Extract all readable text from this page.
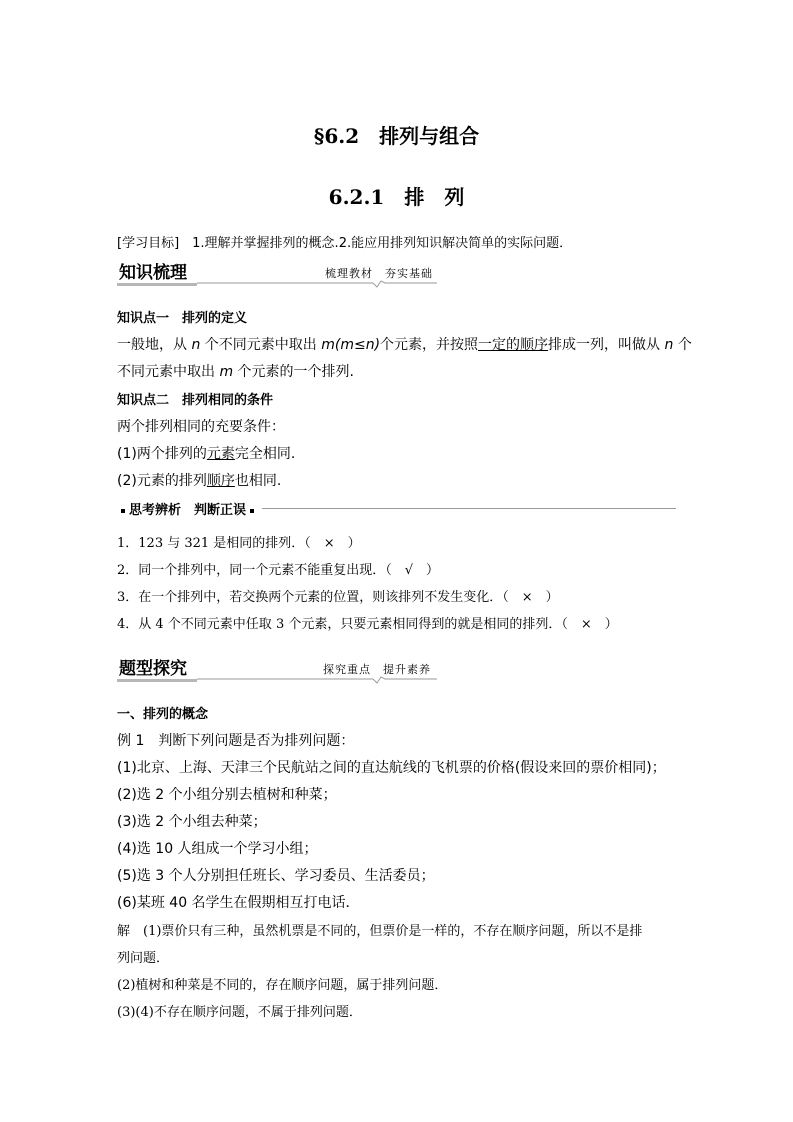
§6.2　排列与组合
6.2.1　排　列
[学习目标]　1.理解并掌握排列的概念.2.能应用排列知识解决简单的实际问题．
知识梳理	梳理教材　夯实基础
知识点一　排列的定义
一般地，从 n 个不同元素中取出 m(m≤n)个元素，并按照一定的顺序排成一列，叫做从 n 个
不同元素中取出 m 个元素的一个排列.
知识点二　排列相同的条件
两个排列相同的充要条件：
(1)两个排列的元素完全相同.
(2)元素的排列顺序也相同.
思考辨析　判断正误
1．123 与 321 是相同的排列．（　×　）
2．同一个排列中，同一个元素不能重复出现．（　√　）
3．在一个排列中，若交换两个元素的位置，则该排列不发生变化．（　×　）
4．从 4 个不同元素中任取 3 个元素，只要元素相同得到的就是相同的排列．（　×　）
题型探究	探究重点　提升素养
一、排列的概念
例 1　判断下列问题是否为排列问题：
(1)北京、上海、天津三个民航站之间的直达航线的飞机票的价格(假设来回的票价相同)；
(2)选 2 个小组分别去植树和种菜；
(3)选 2 个小组去种菜；
(4)选 10 人组成一个学习小组；
(5)选 3 个人分别担任班长、学习委员、生活委员；
(6)某班 40 名学生在假期相互打电话．
解　(1)票价只有三种，虽然机票是不同的，但票价是一样的，不存在顺序问题，所以不是排
列问题．
(2)植树和种菜是不同的，存在顺序问题，属于排列问题．
(3)(4)不存在顺序问题，不属于排列问题．
